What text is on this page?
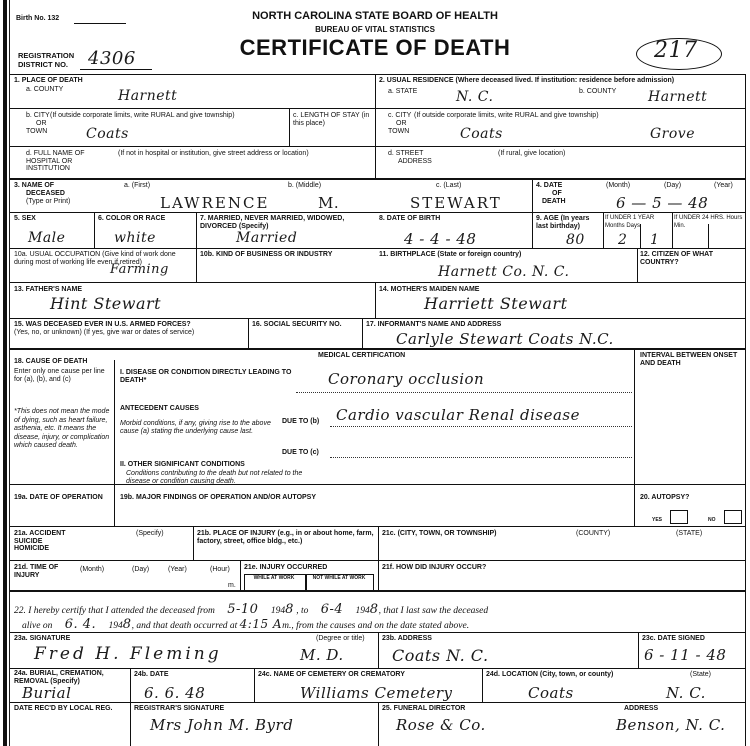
Birth No. 132	NORTH CAROLINA STATE BOARD OF HEALTH
BUREAU OF VITAL STATISTICS
CERTIFICATE OF DEATH
REGISTRATION
DISTRICT NO. 4306	217
1. PLACE OF DEATH
a. COUNTY	Harnett
2. USUAL RESIDENCE (Where deceased lived. If institution: residence before admission)
a. STATE	N. C.	b. COUNTY Harnett
b. CITY
OR
TOWN
(If outside corporate limits, write RURAL and give township)
Coats
c. LENGTH OF STAY (in this place)
c. CITY
OR
TOWN
(If outside corporate limits, write RURAL and give township)
Coats	Grove
d. FULL NAME OF HOSPITAL OR INSTITUTION
(If not in hospital or institution, give street address or location)	d. STREET
ADDRESS
(If rural, give location)
3. NAME OF
DECEASED
(Type or Print)
a. (First)	b. (Middle)	c. (Last)
LAWRENCE	M.	STEWART
4. DATE
OF
DEATH
(Month)	(Day)	(Year)
6 — 5 — 48
5. SEX
Male
6. COLOR OR RACE
white
7. MARRIED, NEVER MARRIED, WIDOWED, DIVORCED (Specify)
Married
8. DATE OF BIRTH
4 - 4 - 48
9. AGE (In years last birthday)
80
If UNDER 1 YEAR Months Days
2 1
If UNDER 24 HRS. Hours Min.
10a. USUAL OCCUPATION (Give kind of work done during most of working life even if retired)
Farming
10b. KIND OF BUSINESS OR INDUSTRY	11. BIRTHPLACE (State or foreign country)
Harnett Co. N. C.
12. CITIZEN OF WHAT COUNTRY?
13. FATHER'S NAME
Hint Stewart
14. MOTHER'S MAIDEN NAME
Harriett Stewart
15. WAS DECEASED EVER IN U.S. ARMED FORCES?
(Yes, no, or unknown) (If yes, give war or dates of service)
16. SOCIAL SECURITY NO.	17. INFORMANT'S NAME AND ADDRESS
Carlyle Stewart Coats N.C.
MEDICAL CERTIFICATION	INTERVAL BETWEEN ONSET AND DEATH
18. CAUSE OF DEATH
Enter only one cause per line for (a), (b), and (c)
I. DISEASE OR CONDITION DIRECTLY LEADING TO DEATH*	Coronary occlusion
*This does not mean the mode of dying, such as heart failure, asthenia, etc. It means the disease, injury, or complication which caused death.
ANTECEDENT CAUSES
Morbid conditions, if any, giving rise to the above cause (a) stating the underlying cause last.
DUE TO (b) Cardio vascular Renal disease
DUE TO (c)
II. OTHER SIGNIFICANT CONDITIONS
Conditions contributing to the death but not related to the disease or condition causing death.
19a. DATE OF OPERATION	19b. MAJOR FINDINGS OF OPERATION AND/OR AUTOPSY	20. AUTOPSY?
YES	NO
21a. ACCIDENT SUICIDE HOMICIDE
(Specify)	21b. PLACE OF INJURY (e.g., in or about home, farm, factory, street, office bldg., etc.)
21c. (CITY, TOWN, OR TOWNSHIP)	(COUNTY)	(STATE)
21d. TIME OF INJURY
(Month)	(Day)	(Year)	(Hour)
m.
21e. INJURY OCCURRED
WHILE AT WORK	NOT WHILE AT WORK
21f. HOW DID INJURY OCCUR?
22. I hereby certify that I attended the deceased from 5-10 1948 , to 6-4 1948, that I last saw the deceased
alive on 6. 4. 1948, and that death occurred at 4:15 Am., from the causes and on the date stated above.
23a. SIGNATURE
Fred H. Fleming
(Degree or title)
M. D.
23b. ADDRESS
Coats N. C.
23c. DATE SIGNED
6 - 11 - 48
24a. BURIAL, CREMATION, REMOVAL (Specify)
Burial
24b. DATE
6. 6. 48
24c. NAME OF CEMETERY OR CREMATORY
Williams Cemetery
24d. LOCATION (City, town, or county)	(State)
Coats	N. C.
DATE REC'D BY LOCAL REG.	REGISTRAR'S SIGNATURE
Mrs John M. Byrd
25. FUNERAL DIRECTOR
Rose & Co.
ADDRESS
Benson, N. C.
